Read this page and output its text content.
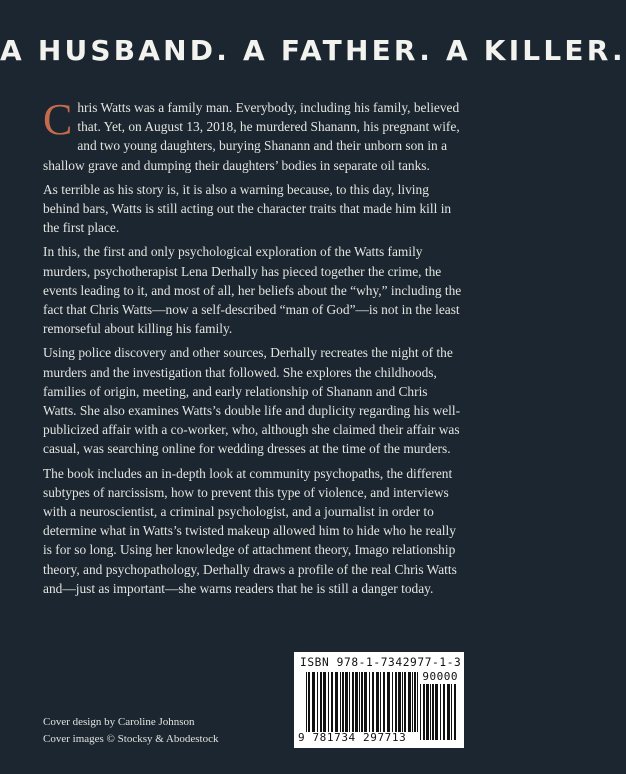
A HUSBAND. A FATHER. A KILLER.

Chris Watts was a family man. Everybody, including his family, believed that. Yet, on August 13, 2018, he murdered Shanann, his pregnant wife, and two young daughters, burying Shanann and their unborn son in a shallow grave and dumping their daughters’ bodies in separate oil tanks.

As terrible as his story is, it is also a warning because, to this day, living behind bars, Watts is still acting out the character traits that made him kill in the first place.

In this, the first and only psychological exploration of the Watts family murders, psychotherapist Lena Derhally has pieced together the crime, the events leading to it, and most of all, her beliefs about the “why,” including the fact that Chris Watts—now a self-described “man of God”—is not in the least remorseful about killing his family.

Using police discovery and other sources, Derhally recreates the night of the murders and the investigation that followed. She explores the childhoods, families of origin, meeting, and early relationship of Shanann and Chris Watts. She also examines Watts’s double life and duplicity regarding his well-publicized affair with a co-worker, who, although she claimed their affair was casual, was searching online for wedding dresses at the time of the murders.

The book includes an in-depth look at community psychopaths, the different subtypes of narcissism, how to prevent this type of violence, and interviews with a neuroscientist, a criminal psychologist, and a journalist in order to determine what in Watts’s twisted makeup allowed him to hide who he really is for so long. Using her knowledge of attachment theory, Imago relationship theory, and psychopathology, Derhally draws a profile of the real Chris Watts and—just as important—she warns readers that he is still a danger today.

ISBN 978-1-7342977-1-3
90000
9 781734 297713
Cover design by Caroline Johnson
Cover images © Stocksy & Abodestock
